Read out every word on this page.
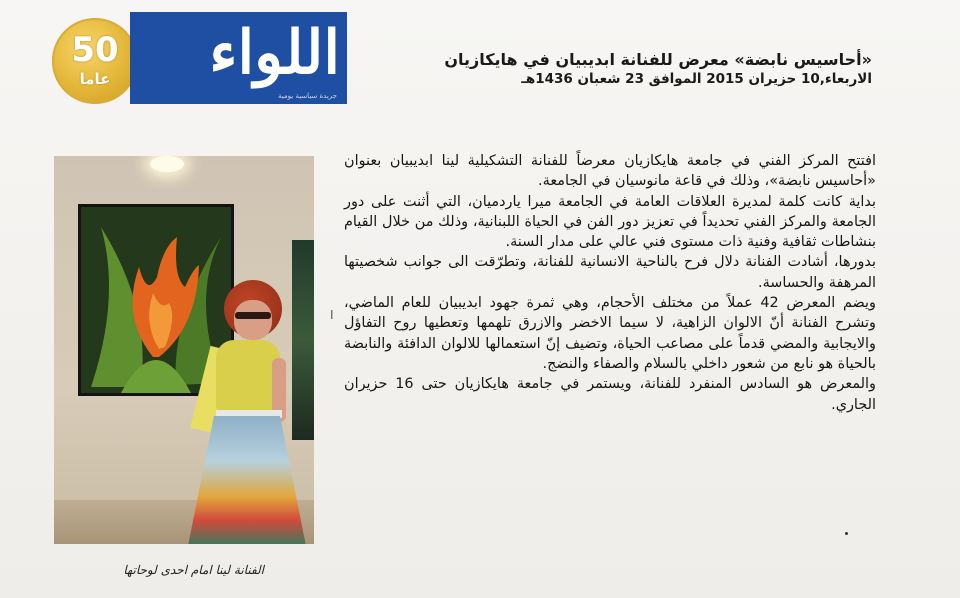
50
عاما	اللواء
جريدة سياسية يومية
«أحاسيس نابضة» معرض للفنانة ابديبيان في هايكازيان
الاربعاء,10 حزيران 2015 الموافق 23 شعبان 1436هـ
الفنانة لينا امام احدى لوحاتها

افتتح المركز الفني في جامعة هايكازيان معرضاً للفنانة التشكيلية لينا ابديبيان بعنوان «أحاسيس نابضة»، وذلك في قاعة مانوسيان في الجامعة.

بداية كانت كلمة لمديرة العلاقات العامة في الجامعة ميرا ياردميان، التي أثنت على دور الجامعة والمركز الفني تحديداً في تعزيز دور الفن في الحياة اللبنانية، وذلك من خلال القيام بنشاطات ثقافية وفنية ذات مستوى فني عالي على مدار السنة.

بدورها، أشادت الفنانة دلال فرح بالناحية الانسانية للفنانة، وتطرّقت الى جوانب شخصيتها المرهفة والحساسة.

ويضم المعرض 42 عملاً من مختلف الأحجام، وهي ثمرة جهود ابديبيان للعام الماضي، وتشرح الفنانة أنّ الالوان الزاهية، لا سيما الاخضر والازرق تلهمها وتعطيها روح التفاؤل والايجابية والمضي قدماً على مصاعب الحياة، وتضيف إنّ استعمالها للالوان الدافئة والنابضة بالحياة هو نابع من شعور داخلي بالسلام والصفاء والنضج.

والمعرض هو السادس المنفرد للفنانة، ويستمر في جامعة هايكازيان حتى 16 حزيران الجاري.

I
